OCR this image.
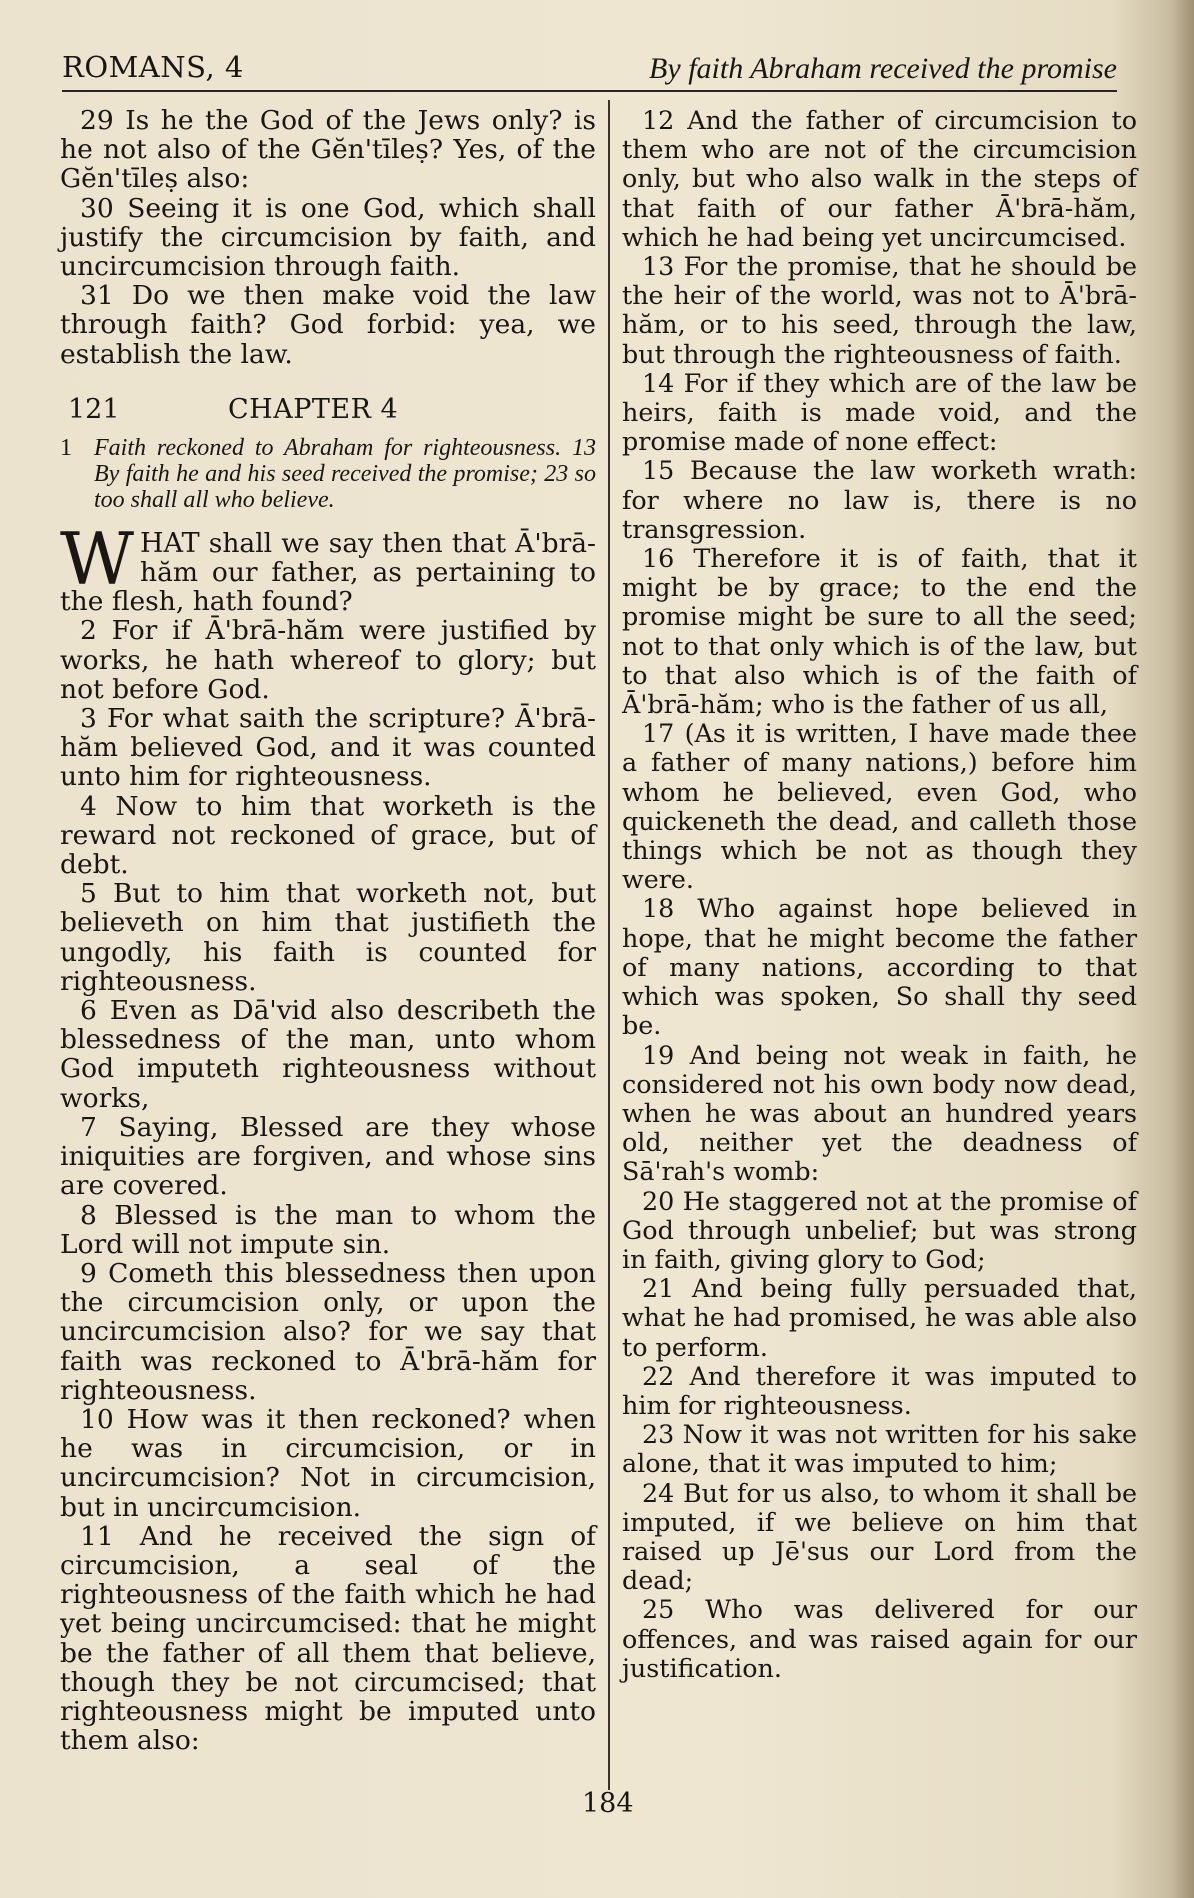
ROMANS, 4	By faith Abraham received the promise

29 Is he the God of the Jews only? is he not also of the Gĕn'tīleṣ? Yes, of the Gĕn'tīleṣ also:

30 Seeing it is one God, which shall justify the circumcision by faith, and uncircumcision through faith.

31 Do we then make void the law through faith? God forbid: yea, we establish the law.

121	CHAPTER 4
1 Faith reckoned to Abraham for righteousness. 13 By faith he and his seed received the promise; 23 so too shall all who believe.

WHAT shall we say then that Ā'brā-hăm our father, as pertaining to the flesh, hath found?

2 For if Ā'brā-hăm were justified by works, he hath whereof to glory; but not before God.

3 For what saith the scripture? Ā'brā-hăm believed God, and it was counted unto him for righteousness.

4 Now to him that worketh is the reward not reckoned of grace, but of debt.

5 But to him that worketh not, but believeth on him that justifieth the ungodly, his faith is counted for righteousness.

6 Even as Dā'vid also describeth the blessedness of the man, unto whom God imputeth righteousness without works,

7 Saying, Blessed are they whose iniquities are forgiven, and whose sins are covered.

8 Blessed is the man to whom the Lord will not impute sin.

9 Cometh this blessedness then upon the circumcision only, or upon the uncircumcision also? for we say that faith was reckoned to Ā'brā-hăm for righteousness.

10 How was it then reckoned? when he was in circumcision, or in uncircumcision? Not in circumcision, but in uncircumcision.

11 And he received the sign of circumcision, a seal of the righteousness of the faith which he had yet being uncircumcised: that he might be the father of all them that believe, though they be not circumcised; that righteousness might be imputed unto them also:

12 And the father of circumcision to them who are not of the circumcision only, but who also walk in the steps of that faith of our father Ā'brā-hăm, which he had being yet uncircumcised.

13 For the promise, that he should be the heir of the world, was not to Ā'brā-hăm, or to his seed, through the law, but through the righteousness of faith.

14 For if they which are of the law be heirs, faith is made void, and the promise made of none effect:

15 Because the law worketh wrath: for where no law is, there is no transgression.

16 Therefore it is of faith, that it might be by grace; to the end the promise might be sure to all the seed; not to that only which is of the law, but to that also which is of the faith of Ā'brā-hăm; who is the father of us all,

17 (As it is written, I have made thee a father of many nations,) before him whom he believed, even God, who quickeneth the dead, and calleth those things which be not as though they were.

18 Who against hope believed in hope, that he might become the father of many nations, according to that which was spoken, So shall thy seed be.

19 And being not weak in faith, he considered not his own body now dead, when he was about an hundred years old, neither yet the deadness of Sā'rah's womb:

20 He staggered not at the promise of God through unbelief; but was strong in faith, giving glory to God;

21 And being fully persuaded that, what he had promised, he was able also to perform.

22 And therefore it was imputed to him for righteousness.

23 Now it was not written for his sake alone, that it was imputed to him;

24 But for us also, to whom it shall be imputed, if we believe on him that raised up Jē'sus our Lord from the dead;

25 Who was delivered for our offences, and was raised again for our justification.

184
